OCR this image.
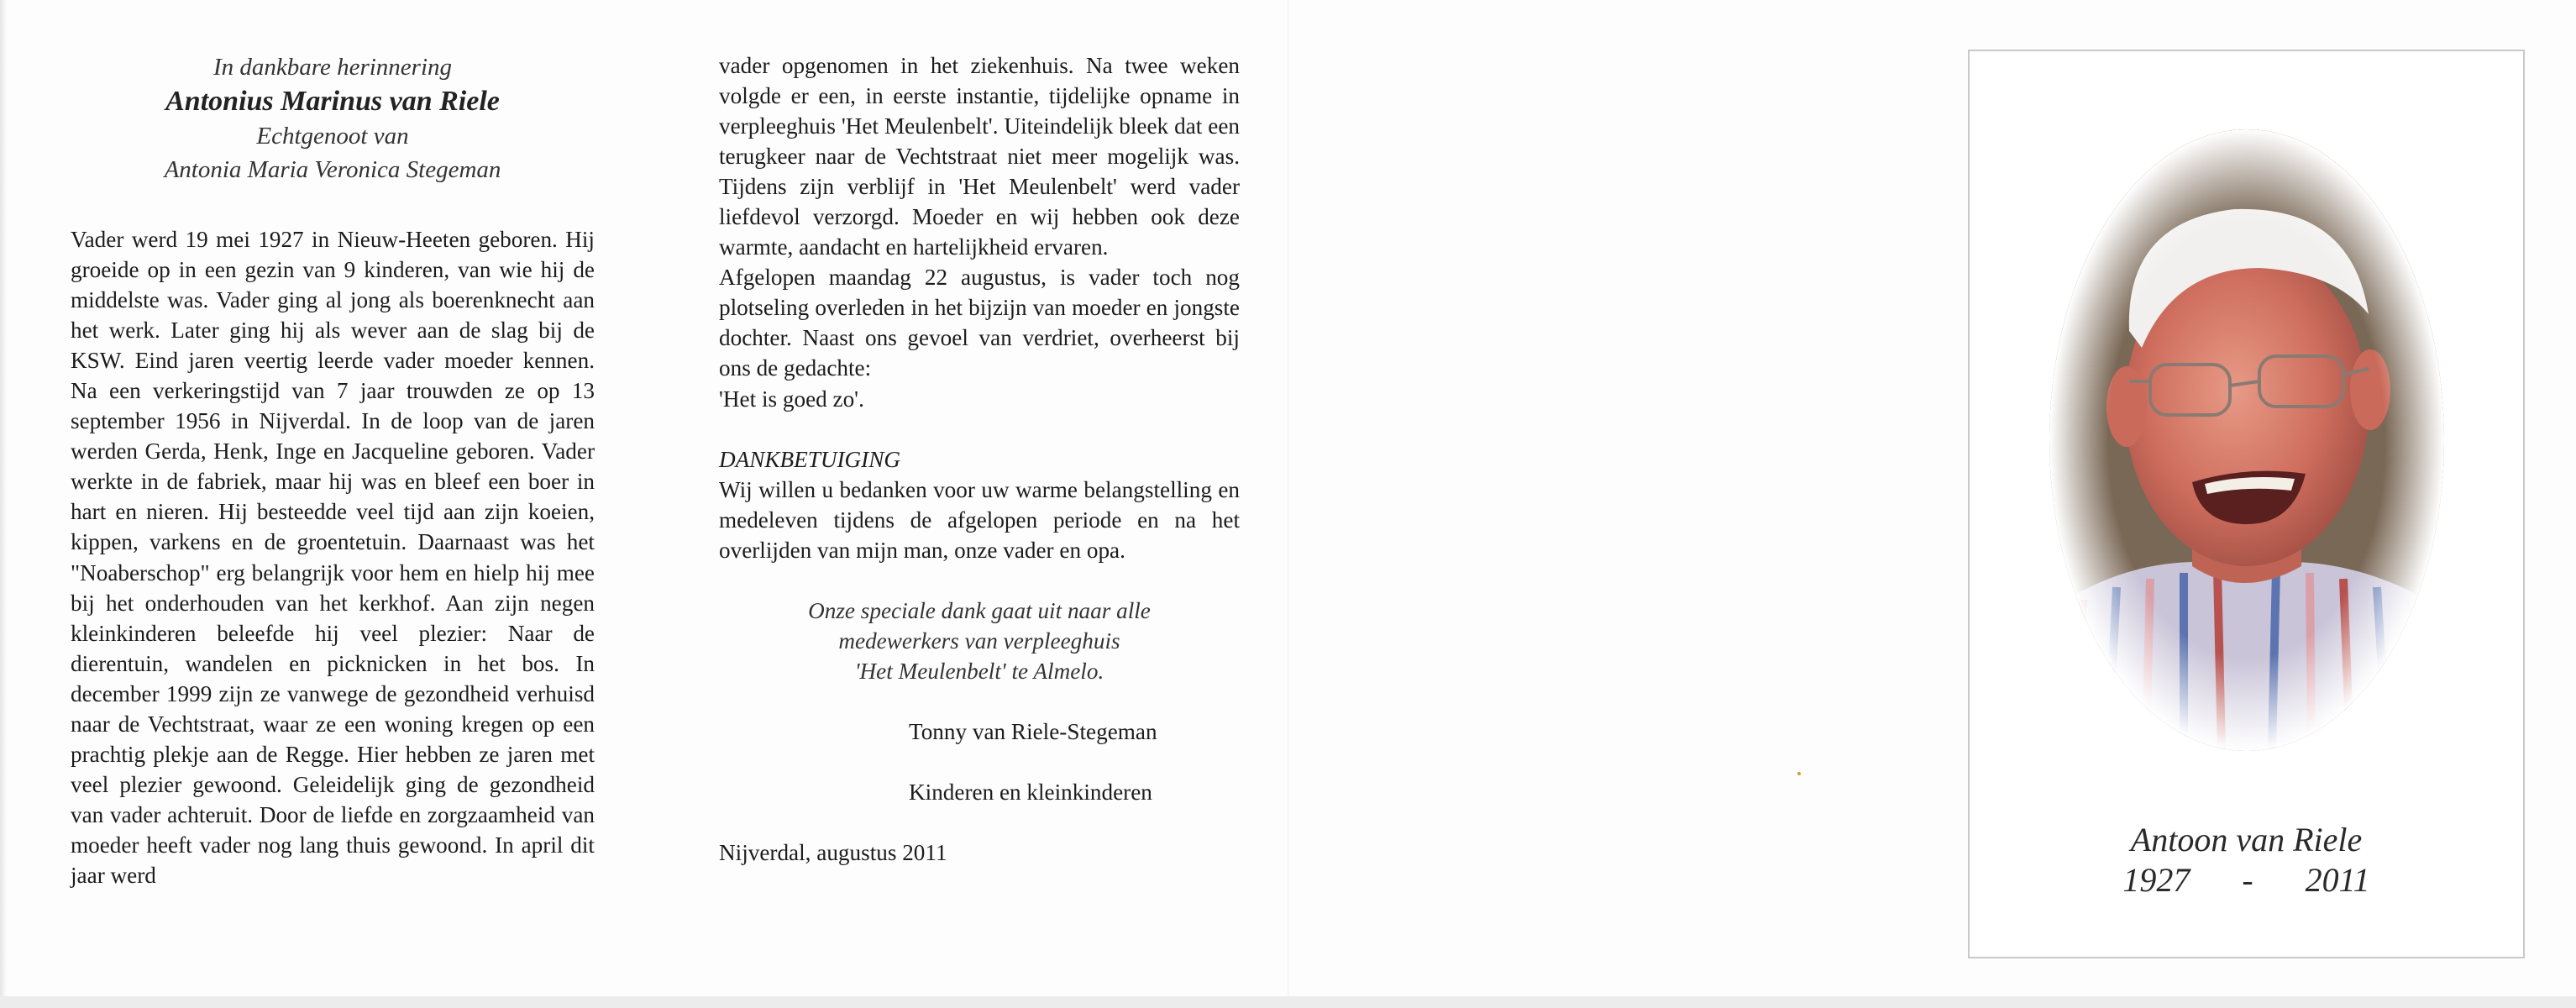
In dankbare herinnering
Antonius Marinus van Riele
Echtgenoot van
Antonia Maria Veronica Stegeman
Vader werd 19 mei 1927 in Nieuw-Heeten geboren. Hij groeide op in een gezin van 9 kinderen, van wie hij de middelste was. Vader ging al jong als boerenknecht aan het werk. Later ging hij als wever aan de slag bij de KSW. Eind jaren veertig leerde vader moeder kennen. Na een verkeringstijd van 7 jaar trouwden ze op 13 september 1956 in Nijverdal. In de loop van de jaren werden Gerda, Henk, Inge en Jacqueline geboren. Vader werkte in de fabriek, maar hij was en bleef een boer in hart en nieren. Hij besteedde veel tijd aan zijn koeien, kippen, varkens en de groentetuin. Daarnaast was het "Noaberschop" erg belangrijk voor hem en hielp hij mee bij het onderhouden van het kerkhof. Aan zijn negen kleinkinderen beleefde hij veel plezier: Naar de dierentuin, wandelen en picknicken in het bos. In december 1999 zijn ze vanwege de gezondheid verhuisd naar de Vechtstraat, waar ze een woning kregen op een prachtig plekje aan de Regge. Hier hebben ze jaren met veel plezier gewoond. Geleidelijk ging de gezondheid van vader achteruit. Door de liefde en zorgzaamheid van moeder heeft vader nog lang thuis gewoond. In april dit jaar werd
vader opgenomen in het ziekenhuis. Na twee weken volgde er een, in eerste instantie, tijdelijke opname in verpleeghuis 'Het Meulenbelt'. Uiteindelijk bleek dat een terugkeer naar de Vechtstraat niet meer mogelijk was. Tijdens zijn verblijf in 'Het Meulenbelt' werd vader liefdevol verzorgd. Moeder en wij hebben ook deze warmte, aandacht en hartelijkheid ervaren.
Afgelopen maandag 22 augustus, is vader toch nog plotseling overleden in het bijzijn van moeder en jongste dochter. Naast ons gevoel van verdriet, overheerst bij ons de gedachte:
'Het is goed zo'.
DANKBETUIGING
Wij willen u bedanken voor uw warme belangstelling en medeleven tijdens de afgelopen periode en na het overlijden van mijn man, onze vader en opa.
Onze speciale dank gaat uit naar alle
medewerkers van verpleeghuis
'Het Meulenbelt' te Almelo.
Tonny van Riele-Stegeman
Kinderen en kleinkinderen
Nijverdal, augustus 2011	Antoon van Riele
1927 - 2011
